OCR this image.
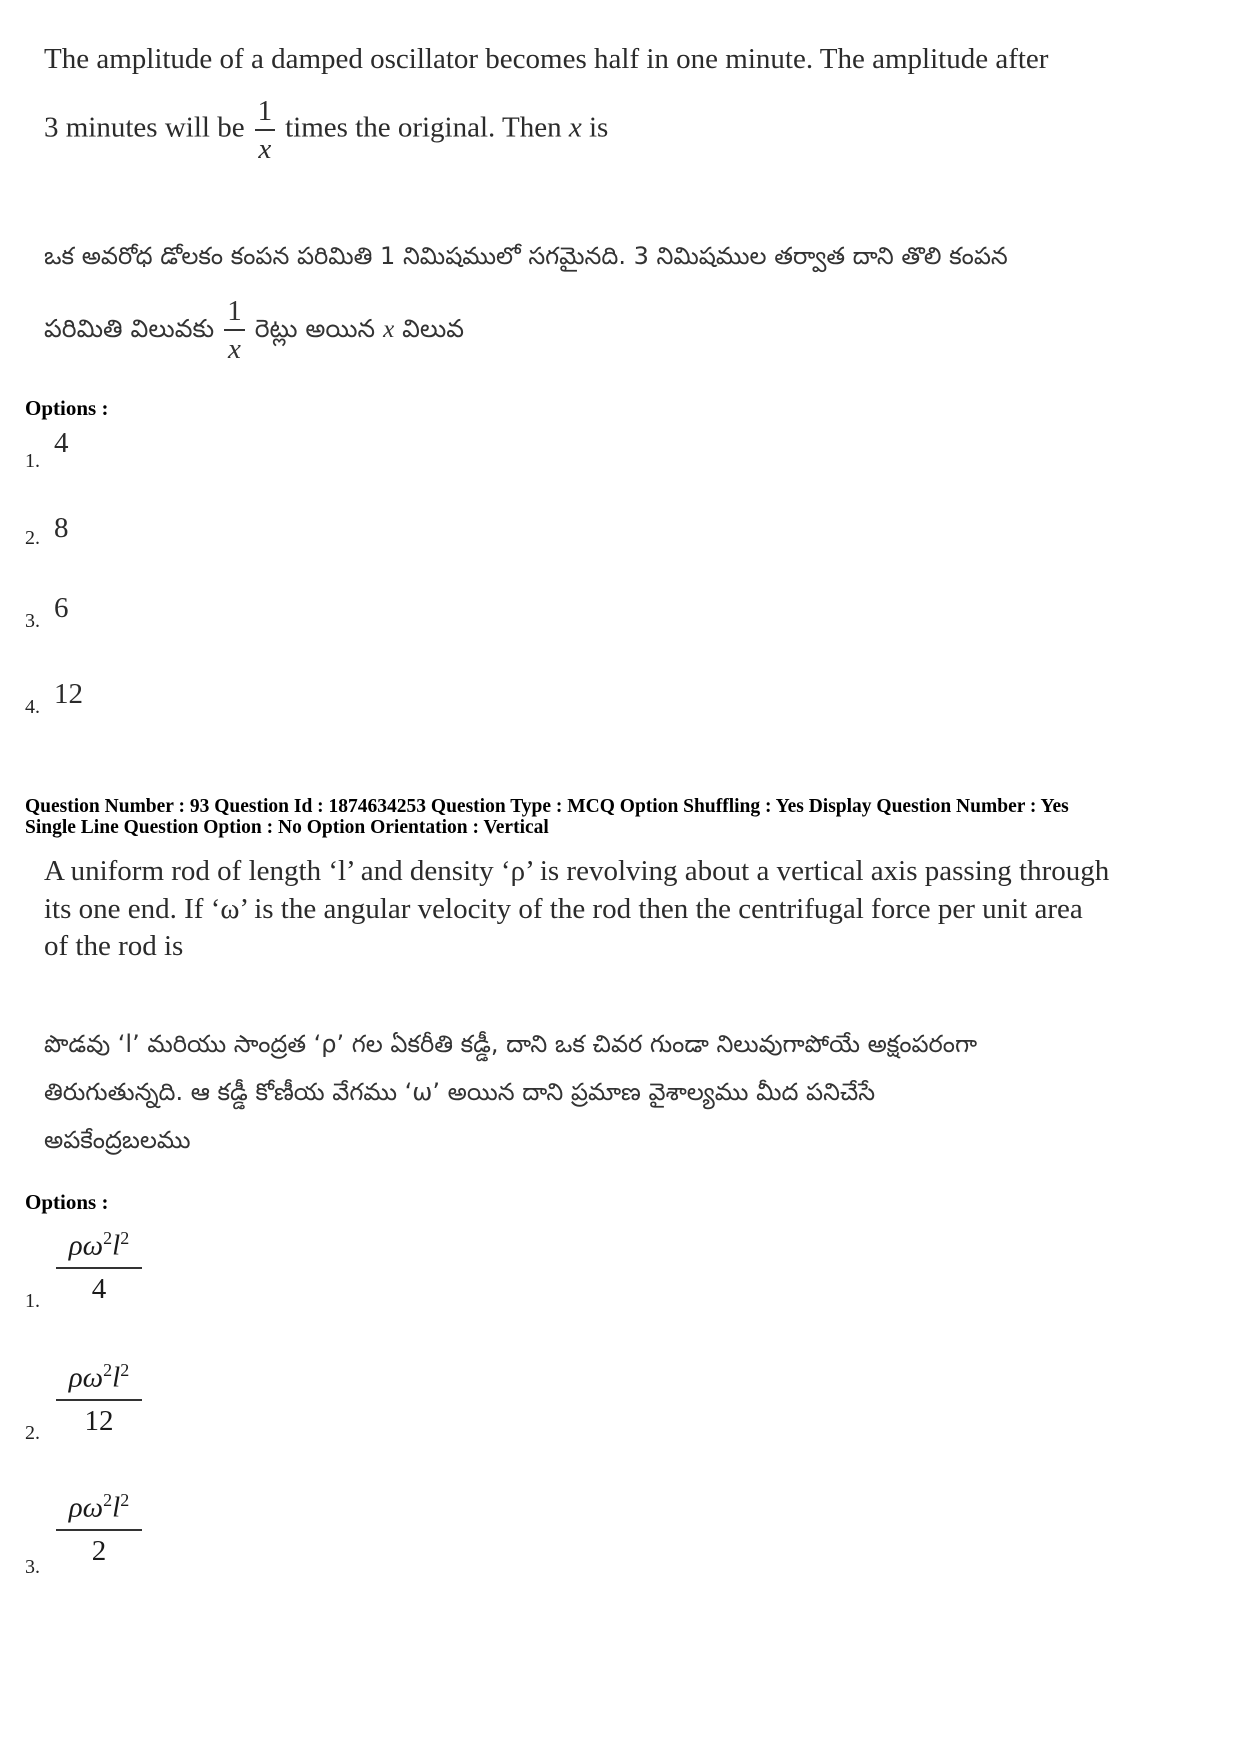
The amplitude of a damped oscillator becomes half in one minute. The amplitude after
3 minutes will be $\frac{1}{x}$ times the original. Then x is
ఒక అవరోధ డోలకం కంపన పరిమితి 1 నిమిషములో సగమైనది. 3 నిమిషముల తర్వాత దాని తొలి కంపన
పరిమితి విలువకు $\frac{1}{x}$ రెట్లు అయిన x విలువ
Options :
1.
4
2. 8
3. 6
4. 12
Question Number : 93 Question Id : 1874634253 Question Type : MCQ Option Shuffling : Yes Display Question Number : Yes
Single Line Question Option : No Option Orientation : Vertical
A uniform rod of length ‘l’ and density ‘ρ’ is revolving about a vertical axis passing through
its one end. If ‘ω’ is the angular velocity of the rod then the centrifugal force per unit area
of the rod is
పొడవు ‘l’ మరియు సాంద్రత ‘ρ’ గల ఏకరీతి కడ్డీ, దాని ఒక చివర గుండా నిలువుగాపోయే అక్షంపరంగా
తిరుగుతున్నది. ఆ కడ్డీ కోణీయ వేగము ‘ω’ అయిన దాని ప్రమాణ వైశాల్యము మీద పనిచేసే
అపకేంద్రబలము
Options :
$\frac{\rho\omega^2l^2}{4}$
1.
$\frac{\rho\omega^2l^2}{12}$
2.
$\frac{\rho\omega^2l^2}{2}$
3.
